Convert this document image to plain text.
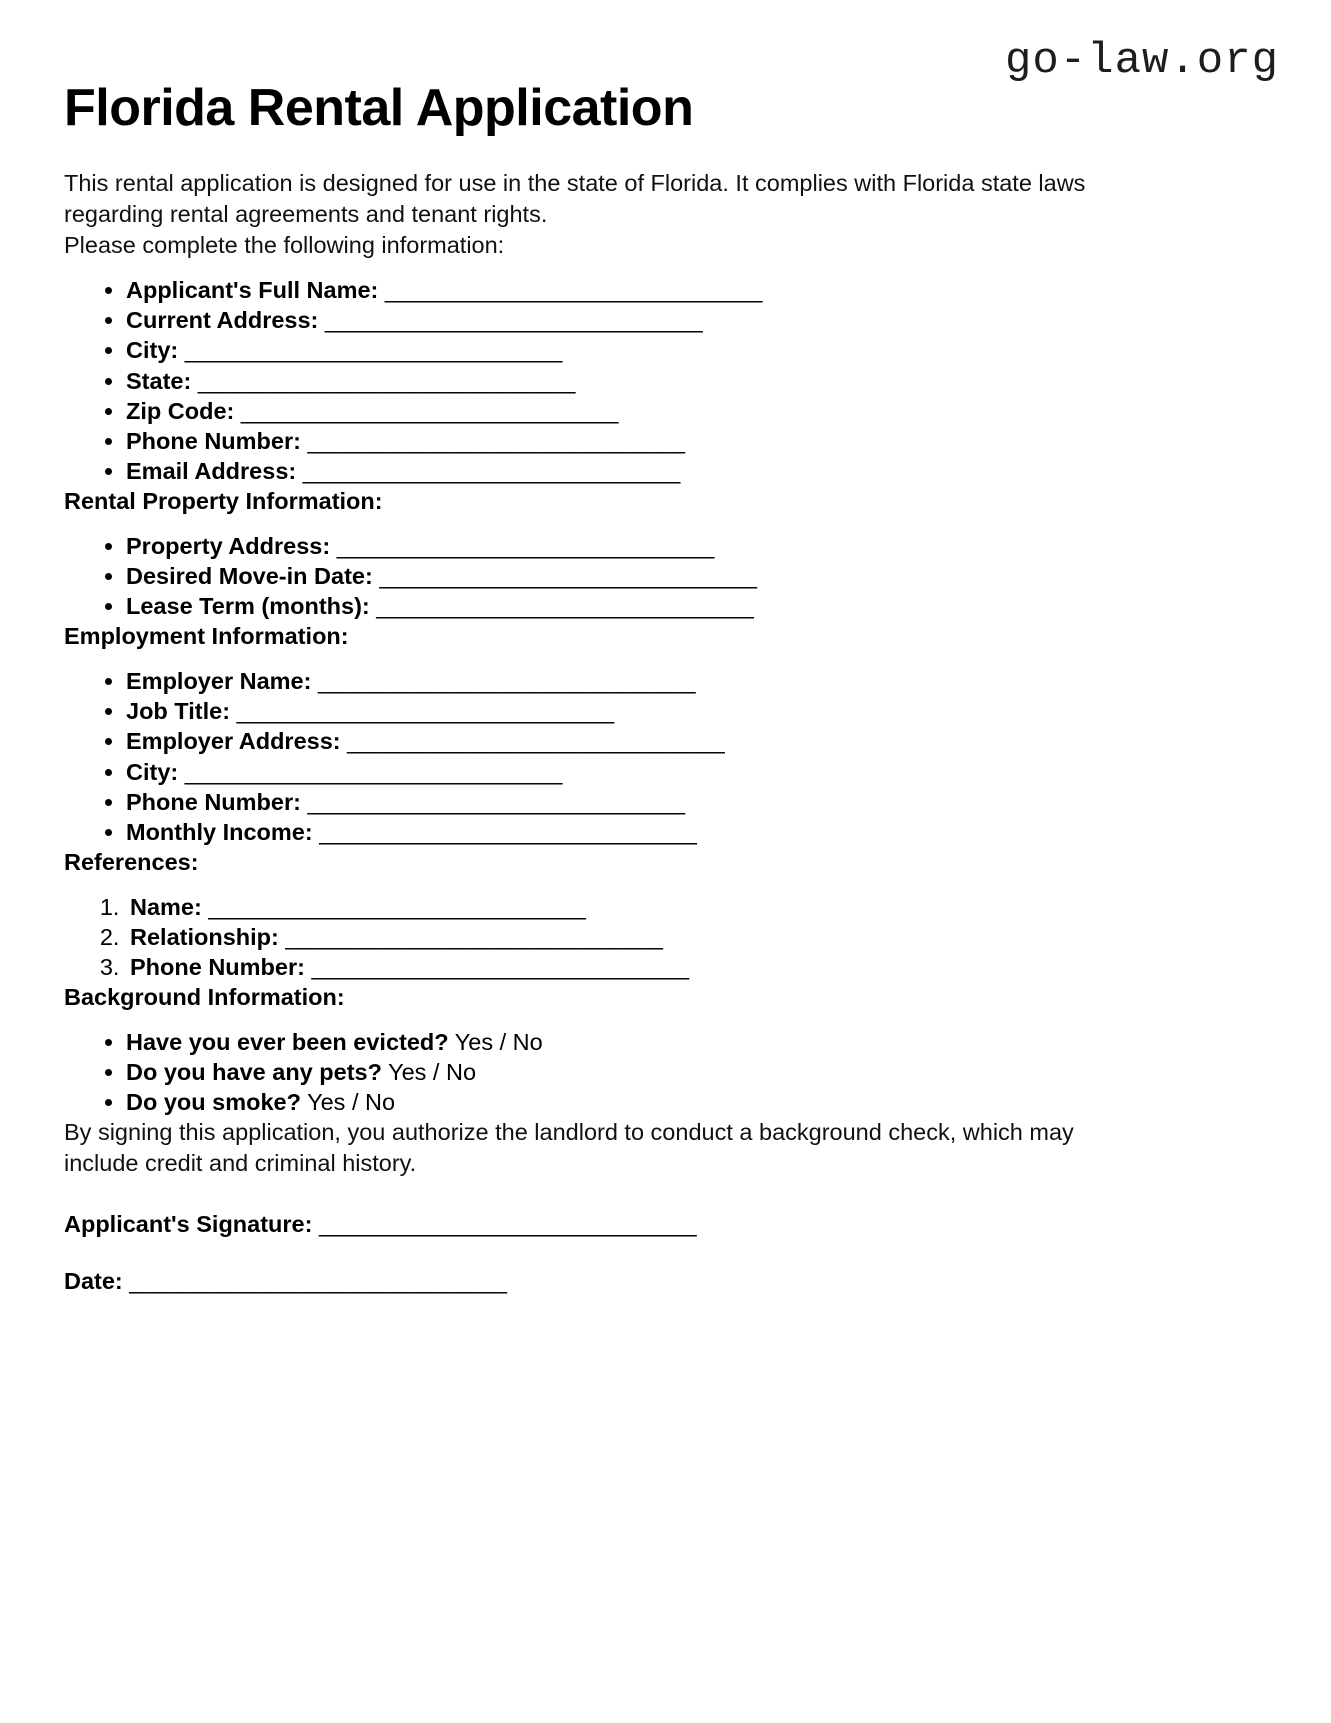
go-law.org
Florida Rental Application

This rental application is designed for use in the state of Florida. It complies with Florida state laws regarding rental agreements and tenant rights.

Please complete the following information:

• Applicant's Full Name: ______________________________
• Current Address: ______________________________
• City: ______________________________
• State: ______________________________
• Zip Code: ______________________________
• Phone Number: ______________________________
• Email Address: ______________________________
Rental Property Information:
• Property Address: ______________________________
• Desired Move-in Date: ______________________________
• Lease Term (months): ______________________________
Employment Information:
• Employer Name: ______________________________
• Job Title: ______________________________
• Employer Address: ______________________________
• City: ______________________________
• Phone Number: ______________________________
• Monthly Income: ______________________________
References:
1. Name: ______________________________
2. Relationship: ______________________________
3. Phone Number: ______________________________
Background Information:
• Have you ever been evicted? Yes / No
• Do you have any pets? Yes / No
• Do you smoke? Yes / No

By signing this application, you authorize the landlord to conduct a background check, which may include credit and criminal history.

Applicant's Signature: ______________________________
Date: ______________________________
